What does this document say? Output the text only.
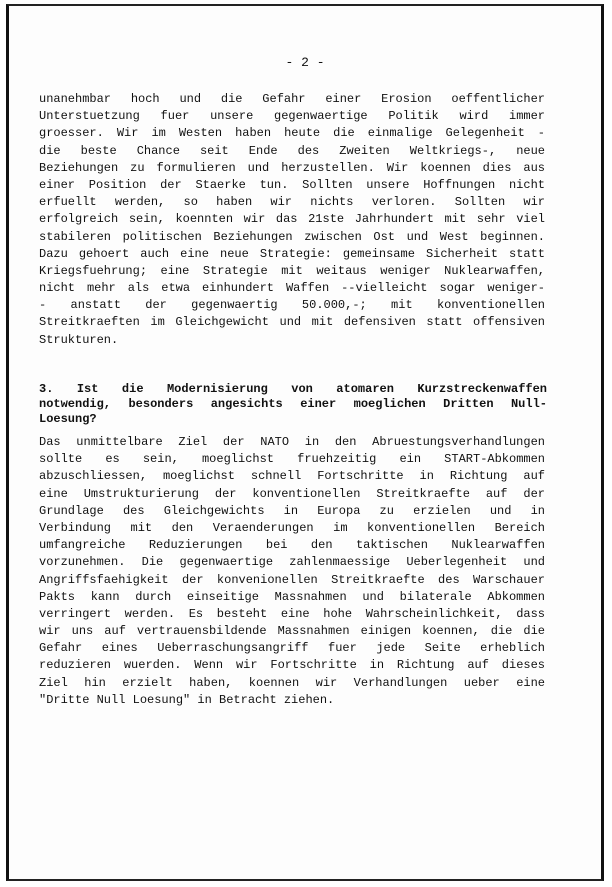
- 2 -
unanehmbar hoch und die Gefahr einer Erosion oeffentlicher
Unterstuetzung fuer unsere gegenwaertige Politik wird immer
groesser. Wir im Westen haben heute die einmalige Gelegenheit -
die beste Chance seit Ende des Zweiten Weltkriegs-, neue
Beziehungen zu formulieren und herzustellen. Wir koennen dies aus
einer Position der Staerke tun. Sollten unsere Hoffnungen nicht
erfuellt werden, so haben wir nichts verloren. Sollten wir
erfolgreich sein, koennten wir das 21ste Jahrhundert mit sehr viel
stabileren politischen Beziehungen zwischen Ost und West beginnen.
Dazu gehoert auch eine neue Strategie: gemeinsame Sicherheit statt
Kriegsfuehrung; eine Strategie mit weitaus weniger Nuklearwaffen,
nicht mehr als etwa einhundert Waffen --vielleicht sogar weniger-
- anstatt der gegenwaertig 50.000,-; mit konventionellen
Streitkraeften im Gleichgewicht und mit defensiven statt offensiven
Strukturen.
3. Ist die Modernisierung von atomaren Kurzstreckenwaffen
notwendig, besonders angesichts einer moeglichen Dritten Null-
Loesung?
Das unmittelbare Ziel der NATO in den Abruestungsverhandlungen
sollte es sein, moeglichst fruehzeitig ein START-Abkommen
abzuschliessen, moeglichst schnell Fortschritte in Richtung auf
eine Umstrukturierung der konventionellen Streitkraefte auf der
Grundlage des Gleichgewichts in Europa zu erzielen und in
Verbindung mit den Veraenderungen im konventionellen Bereich
umfangreiche Reduzierungen bei den taktischen Nuklearwaffen
vorzunehmen. Die gegenwaertige zahlenmaessige Ueberlegenheit und
Angriffsfaehigkeit der konvenionellen Streitkraefte des Warschauer
Pakts kann durch einseitige Massnahmen und bilaterale Abkommen
verringert werden. Es besteht eine hohe Wahrscheinlichkeit, dass
wir uns auf vertrauensbildende Massnahmen einigen koennen, die die
Gefahr eines Ueberraschungsangriff fuer jede Seite erheblich
reduzieren wuerden. Wenn wir Fortschritte in Richtung auf dieses
Ziel hin erzielt haben, koennen wir Verhandlungen ueber eine
"Dritte Null Loesung" in Betracht ziehen.
